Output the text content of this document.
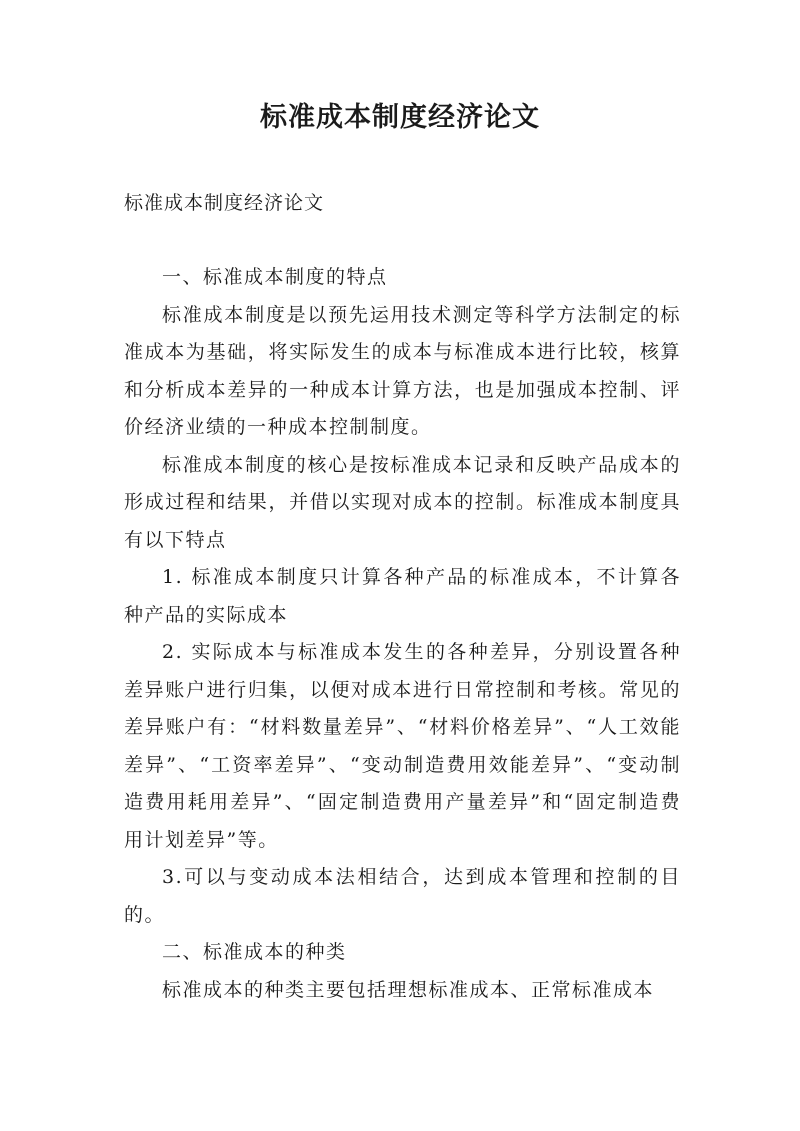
标准成本制度经济论文
标准成本制度经济论文

一、标准成本制度的特点

标准成本制度是以预先运用技术测定等科学方法制定的标准成本为基础，将实际发生的成本与标准成本进行比较，核算和分析成本差异的一种成本计算方法，也是加强成本控制、评价经济业绩的一种成本控制制度。

标准成本制度的核心是按标准成本记录和反映产品成本的形成过程和结果，并借以实现对成本的控制。标准成本制度具有以下特点

1. 标准成本制度只计算各种产品的标准成本，不计算各种产品的实际成本

2. 实际成本与标准成本发生的各种差异，分别设置各种差异账户进行归集，以便对成本进行日常控制和考核。常见的差异账户有：“材料数量差异”、“材料价格差异”、“人工效能差异”、“工资率差异”、“变动制造费用效能差异”、“变动制造费用耗用差异”、“固定制造费用产量差异”和“固定制造费用计划差异”等。

3.可以与变动成本法相结合，达到成本管理和控制的目的。

二、标准成本的种类

标准成本的种类主要包括理想标准成本、正常标准成本
